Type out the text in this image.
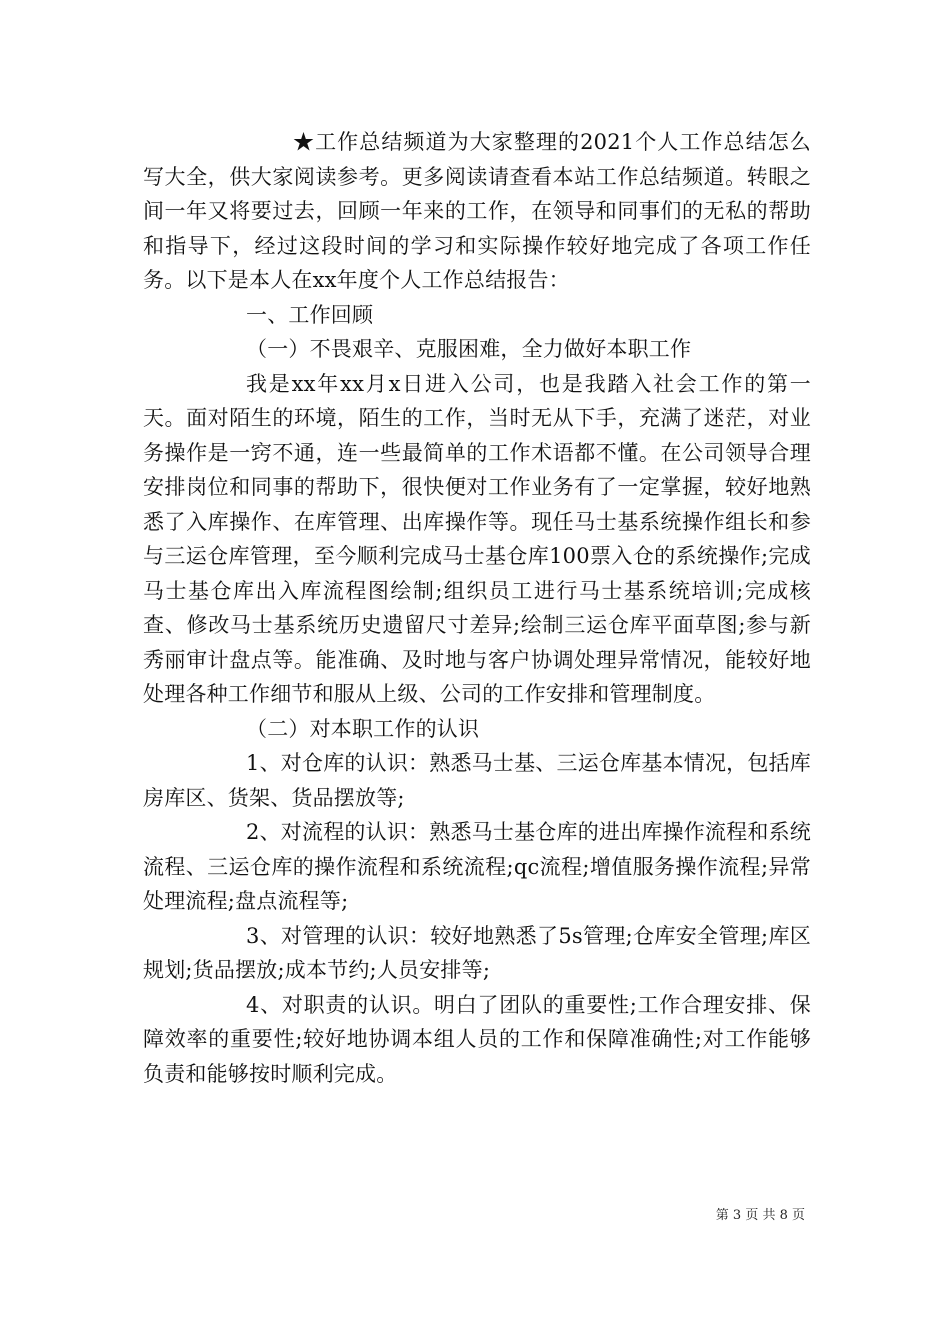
★工作总结频道为大家整理的2021个人工作总结怎么写大全，供大家阅读参考。更多阅读请查看本站工作总结频道。转眼之间一年又将要过去，回顾一年来的工作，在领导和同事们的无私的帮助和指导下，经过这段时间的学习和实际操作较好地完成了各项工作任务。以下是本人在xx年度个人工作总结报告：

一、工作回顾

（一）不畏艰辛、克服困难，全力做好本职工作

我是xx年xx月x日进入公司，也是我踏入社会工作的第一天。面对陌生的环境，陌生的工作，当时无从下手，充满了迷茫，对业务操作是一窍不通，连一些最简单的工作术语都不懂。在公司领导合理安排岗位和同事的帮助下，很快便对工作业务有了一定掌握，较好地熟悉了入库操作、在库管理、出库操作等。现任马士基系统操作组长和参与三运仓库管理，至今顺利完成马士基仓库100票入仓的系统操作;完成马士基仓库出入库流程图绘制;组织员工进行马士基系统培训;完成核查、修改马士基系统历史遗留尺寸差异;绘制三运仓库平面草图;参与新秀丽审计盘点等。能准确、及时地与客户协调处理异常情况，能较好地处理各种工作细节和服从上级、公司的工作安排和管理制度。

（二）对本职工作的认识

1、对仓库的认识：熟悉马士基、三运仓库基本情况，包括库房库区、货架、货品摆放等;

2、对流程的认识：熟悉马士基仓库的进出库操作流程和系统流程、三运仓库的操作流程和系统流程;qc流程;增值服务操作流程;异常处理流程;盘点流程等;

3、对管理的认识：较好地熟悉了5s管理;仓库安全管理;库区规划;货品摆放;成本节约;人员安排等;

4、对职责的认识。明白了团队的重要性;工作合理安排、保障效率的重要性;较好地协调本组人员的工作和保障准确性;对工作能够负责和能够按时顺利完成。

第 3 页 共 8 页
